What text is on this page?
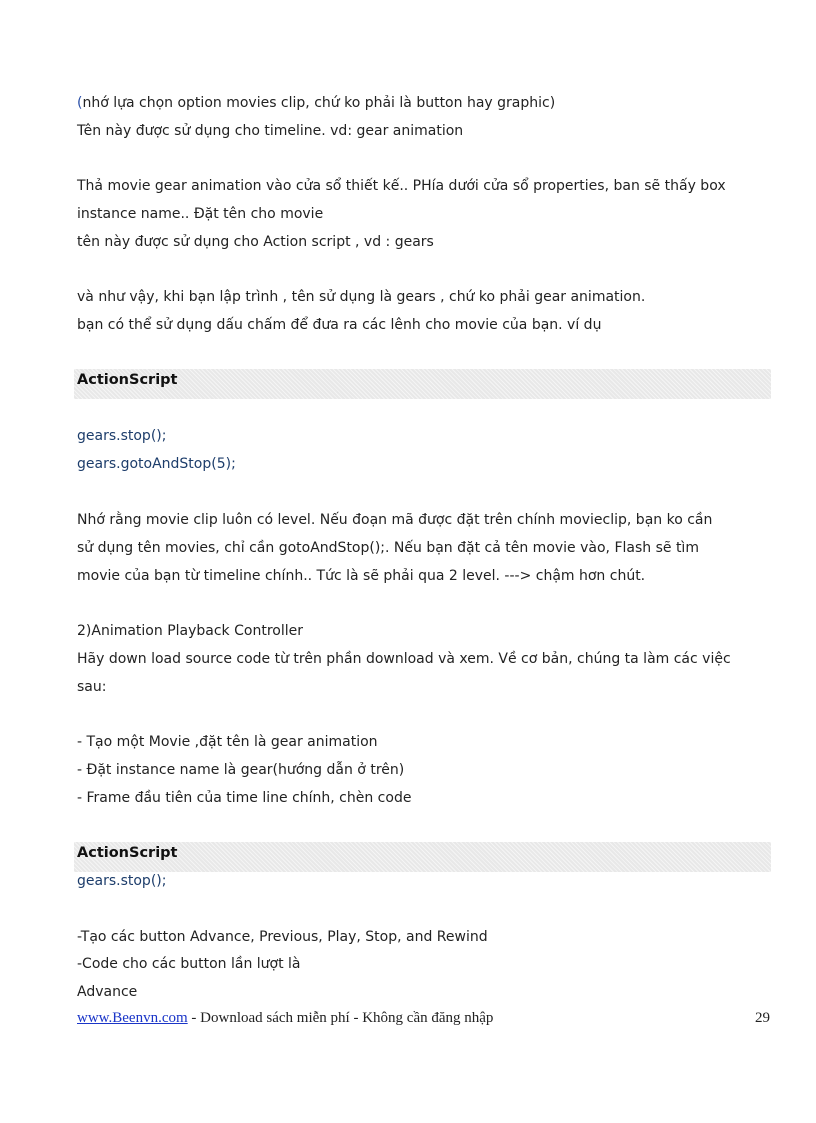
(nhớ lựa chọn option movies clip, chứ ko phải là button hay graphic)
Tên này được sử dụng cho timeline. vd: gear animation
Thả movie gear animation vào cửa sổ thiết kế.. PHía dưới cửa sổ properties, ban sẽ thấy box
instance name.. Đặt tên cho movie
tên này được sử dụng cho Action script , vd : gears
và như vậy, khi bạn lập trình , tên sử dụng là gears , chứ ko phải gear animation.
bạn có thể sử dụng dấu chấm để đưa ra các lênh cho movie của bạn. ví dụ
ActionScript
gears.stop();
gears.gotoAndStop(5);
Nhớ rằng movie clip luôn có level. Nếu đoạn mã được đặt trên chính movieclip, bạn ko cần
sử dụng tên movies, chỉ cần gotoAndStop();. Nếu bạn đặt cả tên movie vào, Flash sẽ tìm
movie của bạn từ timeline chính.. Tức là sẽ phải qua 2 level. ---> chậm hơn chút.
2)Animation Playback Controller
Hãy down load source code từ trên phần download và xem. Về cơ bản, chúng ta làm các việc
sau:
- Tạo một Movie ,đặt tên là gear animation
- Đặt instance name là gear(hướng dẫn ở trên)
- Frame đầu tiên của time line chính, chèn code
ActionScript
gears.stop();
-Tạo các button Advance, Previous, Play, Stop, and Rewind
-Code cho các button lần lượt là
Advance
www.Beenvn.com - Download sách miễn phí - Không cần đăng nhập	29
